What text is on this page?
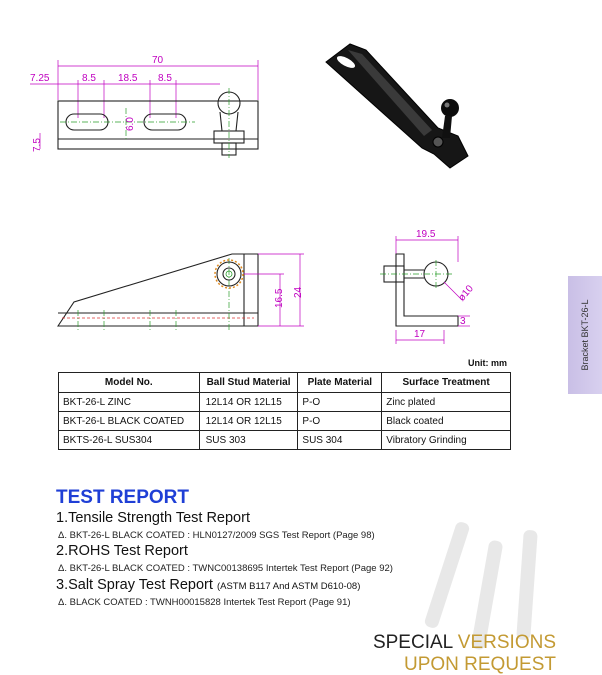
70
7.25	8.5 18.5 8.5
6.0
7.5
16.5 24
19.5
ø10
3
17	Bracket BKT-26-L
Unit: mm
Model No.	Ball Stud Material	Plate Material	Surface Treatment
BKT-26-L ZINC	12L14 OR 12L15	P-O	Zinc plated
BKT-26-L BLACK COATED	12L14 OR 12L15	P-O	Black coated
BKTS-26-L SUS304	SUS 303	SUS 304	Vibratory Grinding
TEST REPORT
1.Tensile Strength Test Report
Δ. BKT-26-L BLACK COATED : HLN0127/2009 SGS Test Report (Page 98)
2.ROHS Test Report
Δ. BKT-26-L BLACK COATED : TWNC00138695 Intertek Test Report (Page 92)
3.Salt Spray Test Report (ASTM B117 And ASTM D610-08)
Δ. BLACK COATED : TWNH00015828 Intertek Test Report (Page 91)
SPECIAL VERSIONS
UPON REQUEST
